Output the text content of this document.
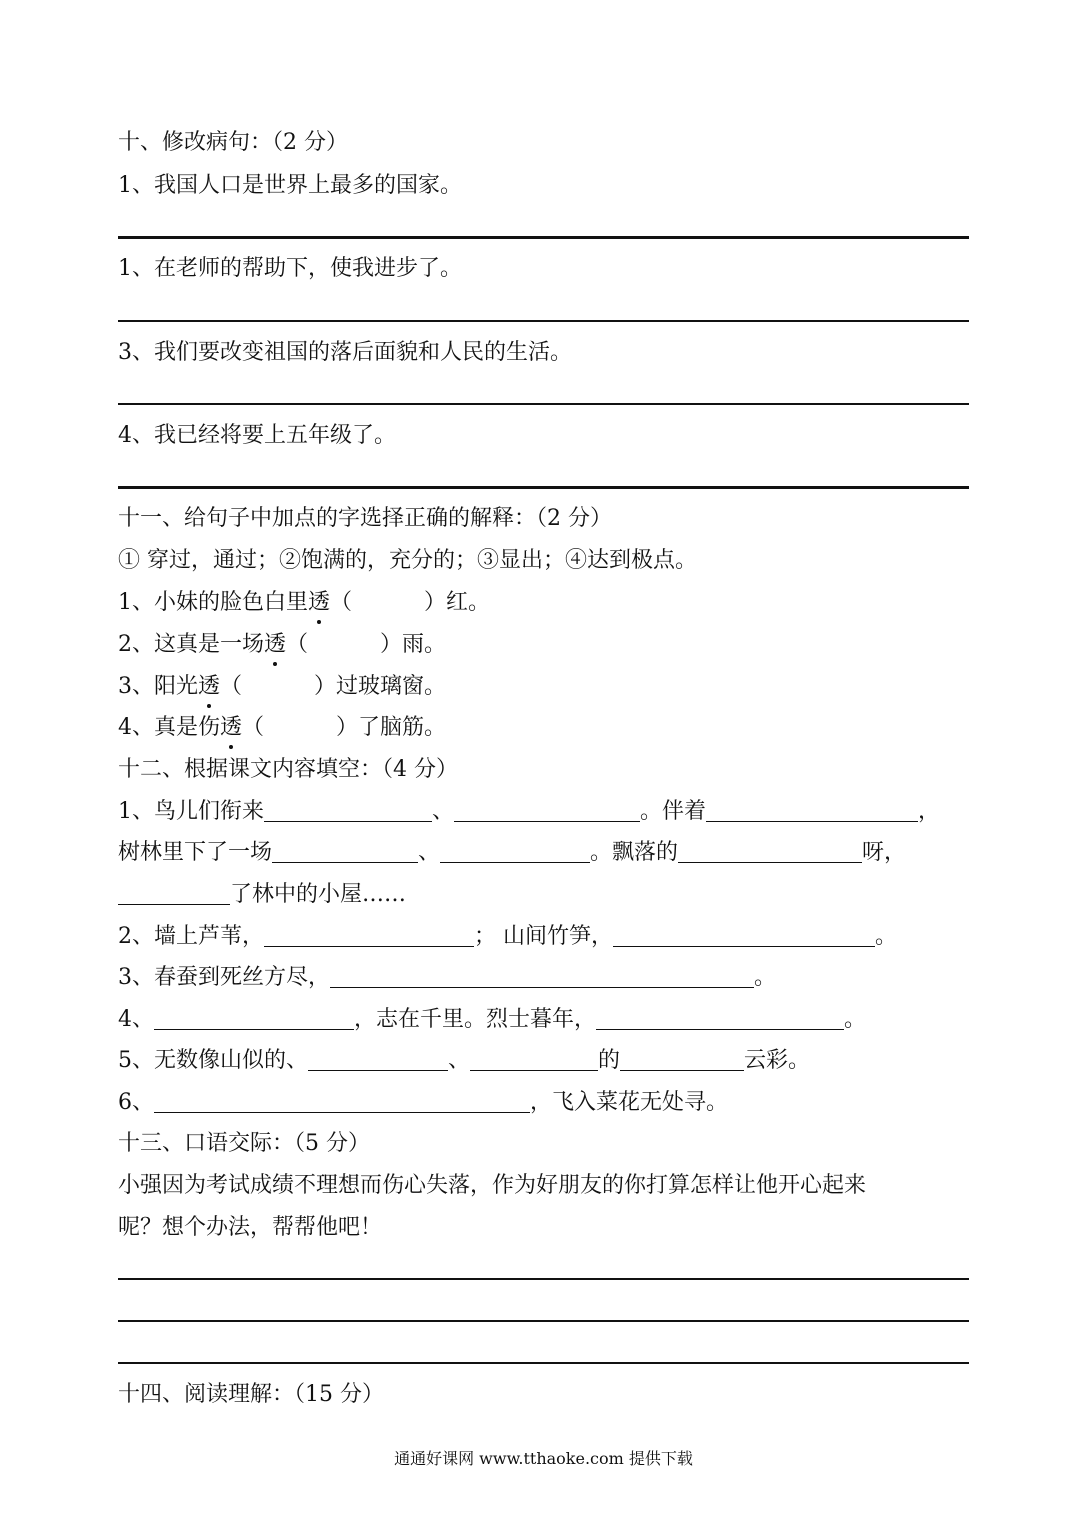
十、修改病句：（2 分）
1、我国人口是世界上最多的国家。
1、在老师的帮助下，使我进步了。
3、我们要改变祖国的落后面貌和人民的生活。
4、我已经将要上五年级了。
十一、给句子中加点的字选择正确的解释：（2 分）
① 穿过，通过；②饱满的，充分的；③显出；④达到极点。
1、小妹的脸色白里透（	）红。
2、这真是一场透（	）雨。
3、阳光透（	）过玻璃窗。
4、真是伤透（	）了脑筋。
十二、根据课文内容填空：（4 分）
1、鸟儿们衔来	、	。伴着	，
树林里下了一场	、	。飘落的	呀，
了林中的小屋……
2、墙上芦苇，	； 山间竹笋，	。
3、春蚕到死丝方尽，	。
4、	，志在千里。烈士暮年，	。
5、无数像山似的、	、	的	云彩。
6、	，飞入菜花无处寻。
十三、口语交际：（5 分）
小强因为考试成绩不理想而伤心失落，作为好朋友的你打算怎样让他开心起来
呢？想个办法，帮帮他吧！
十四、阅读理解：（15 分）
通通好课网 www.tthaoke.com 提供下载
